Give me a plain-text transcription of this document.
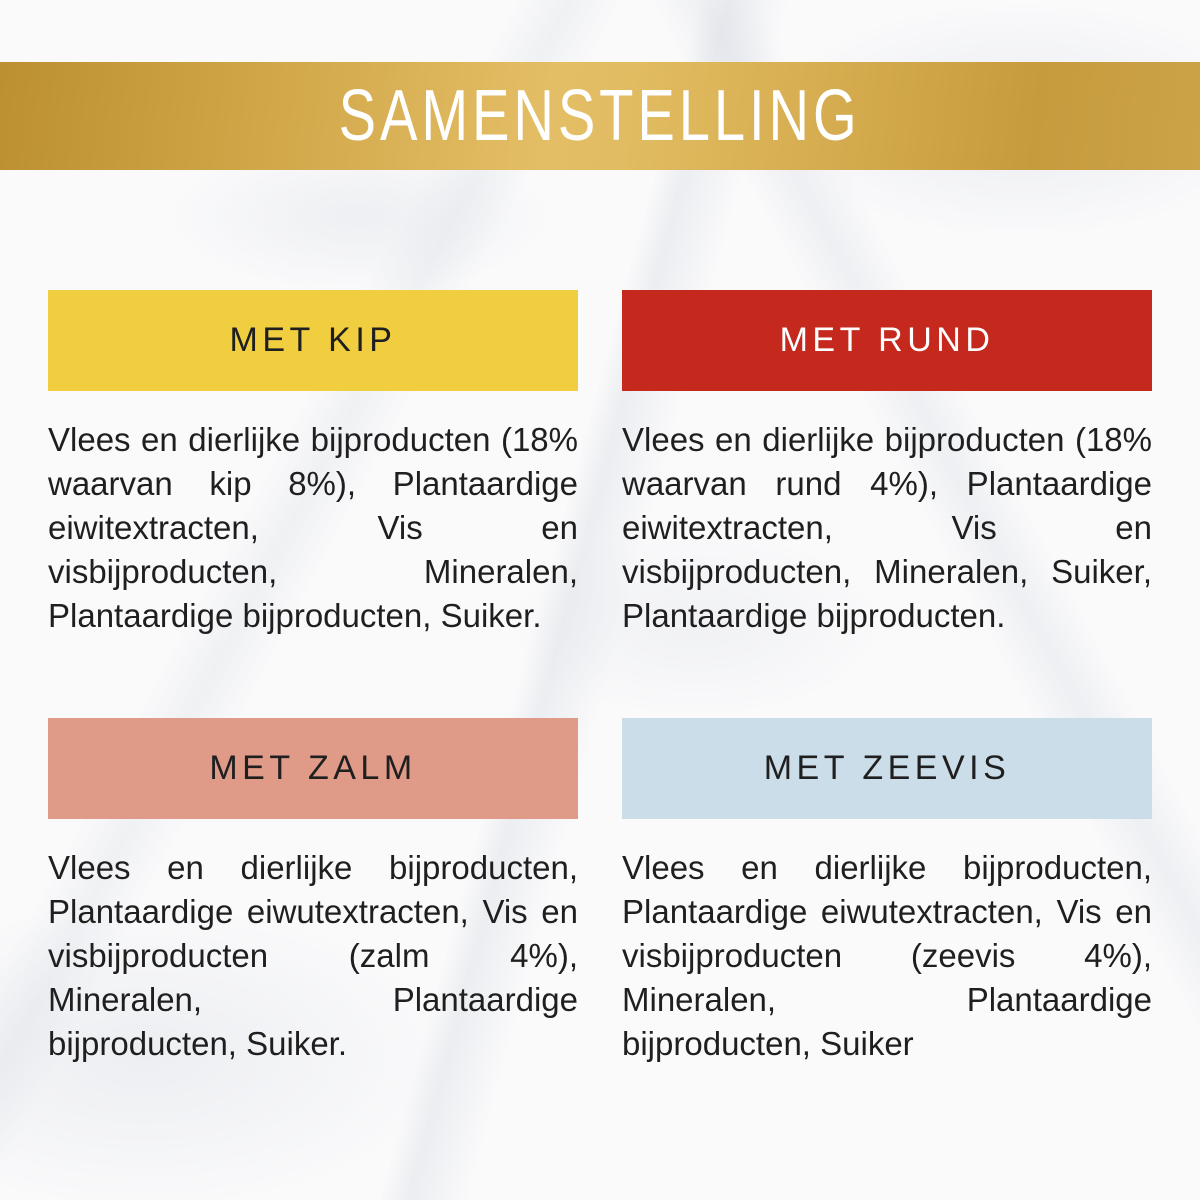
SAMENSTELLING
MET KIP

Vlees en dierlijke bijproducten (18% waarvan kip 8%), Plantaardige eiwitextracten, Vis en visbijproducten, Mineralen, Plantaardige bijproducten, Suiker.

MET RUND

Vlees en dierlijke bijproducten (18% waarvan rund 4%), Plantaardige eiwitextracten, Vis en visbijproducten, Mineralen, Suiker, Plantaardige bijproducten.

MET ZALM

Vlees en dierlijke bijproducten, Plantaardige eiwutextracten, Vis en visbijproducten (zalm 4%), Mineralen, Plantaardige bijproducten, Suiker.

MET ZEEVIS

Vlees en dierlijke bijproducten, Plantaardige eiwutextracten, Vis en visbijproducten (zeevis 4%), Mineralen, Plantaardige bijproducten, Suiker
